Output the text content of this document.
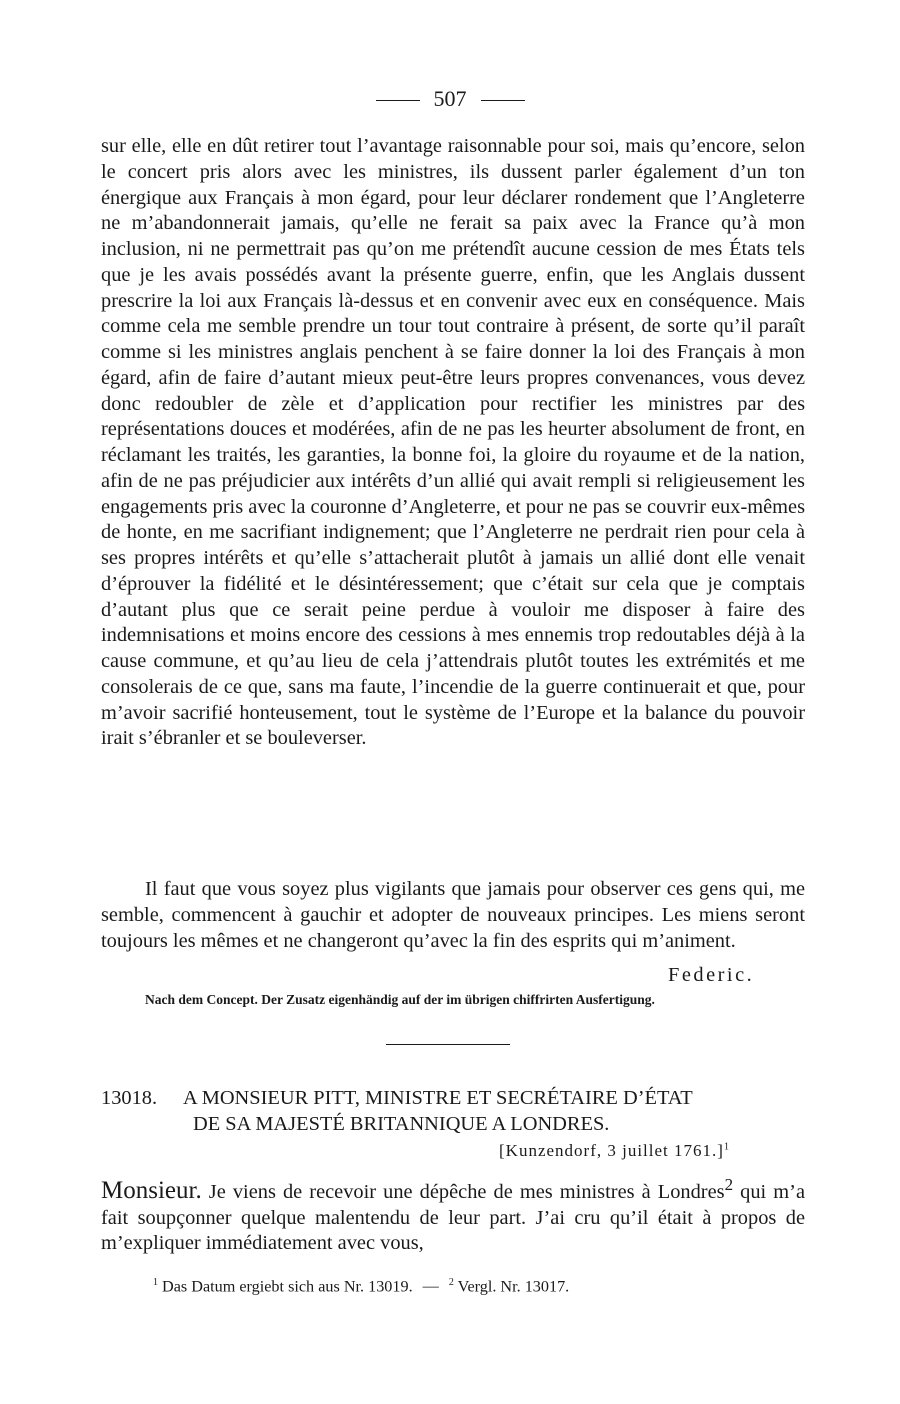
507
sur elle, elle en dût retirer tout l’avantage raisonnable pour soi, mais qu’encore, selon le concert pris alors avec les ministres, ils dussent parler également d’un ton énergique aux Français à mon égard, pour leur déclarer rondement que l’Angleterre ne m’abandonnerait jamais, qu’elle ne ferait sa paix avec la France qu’à mon inclusion, ni ne permettrait pas qu’on me prétendît aucune cession de mes États tels que je les avais possédés avant la présente guerre, enfin, que les Anglais dussent prescrire la loi aux Français là-dessus et en convenir avec eux en conséquence. Mais comme cela me semble prendre un tour tout contraire à présent, de sorte qu’il paraît comme si les ministres anglais penchent à se faire donner la loi des Français à mon égard, afin de faire d’autant mieux peut-être leurs propres convenances, vous devez donc redoubler de zèle et d’application pour rectifier les ministres par des représentations douces et modérées, afin de ne pas les heurter absolument de front, en réclamant les traités, les garanties, la bonne foi, la gloire du royaume et de la nation, afin de ne pas préjudicier aux intérêts d’un allié qui avait rempli si religieusement les engagements pris avec la couronne d’Angleterre, et pour ne pas se couvrir eux-mêmes de honte, en me sacrifiant indignement; que l’Angleterre ne perdrait rien pour cela à ses propres intérêts et qu’elle s’attacherait plutôt à jamais un allié dont elle venait d’éprouver la fidélité et le désintéressement; que c’était sur cela que je comptais d’autant plus que ce serait peine perdue à vouloir me disposer à faire des indemnisations et moins encore des cessions à mes ennemis trop redoutables déjà à la cause commune, et qu’au lieu de cela j’attendrais plutôt toutes les extrémités et me consolerais de ce que, sans ma faute, l’incendie de la guerre continuerait et que, pour m’avoir sacrifié honteusement, tout le système de l’Europe et la balance du pouvoir irait s’ébranler et se bouleverser.

Il faut que vous soyez plus vigilants que jamais pour observer ces gens qui, me semble, commencent à gauchir et adopter de nouveaux principes. Les miens seront toujours les mêmes et ne changeront qu’avec la fin des esprits qui m’animent.

Federic.
Nach dem Concept. Der Zusatz eigenhändig auf der im übrigen chiffrirten Ausfertigung.
13018. A MONSIEUR PITT, MINISTRE ET SECRÉTAIRE D’ÉTAT
DE SA MAJESTÉ BRITANNIQUE A LONDRES.
[Kunzendorf, 3 juillet 1761.]$^1$
Monsieur. Je viens de recevoir une dépêche de mes ministres à Londres$^2$ qui m’a fait soupçonner quelque malentendu de leur part. J’ai cru qu’il était à propos de m’expliquer immédiatement avec vous,
$^1$ Das Datum ergiebt sich aus Nr. 13019. — $^2$ Vergl. Nr. 13017.
